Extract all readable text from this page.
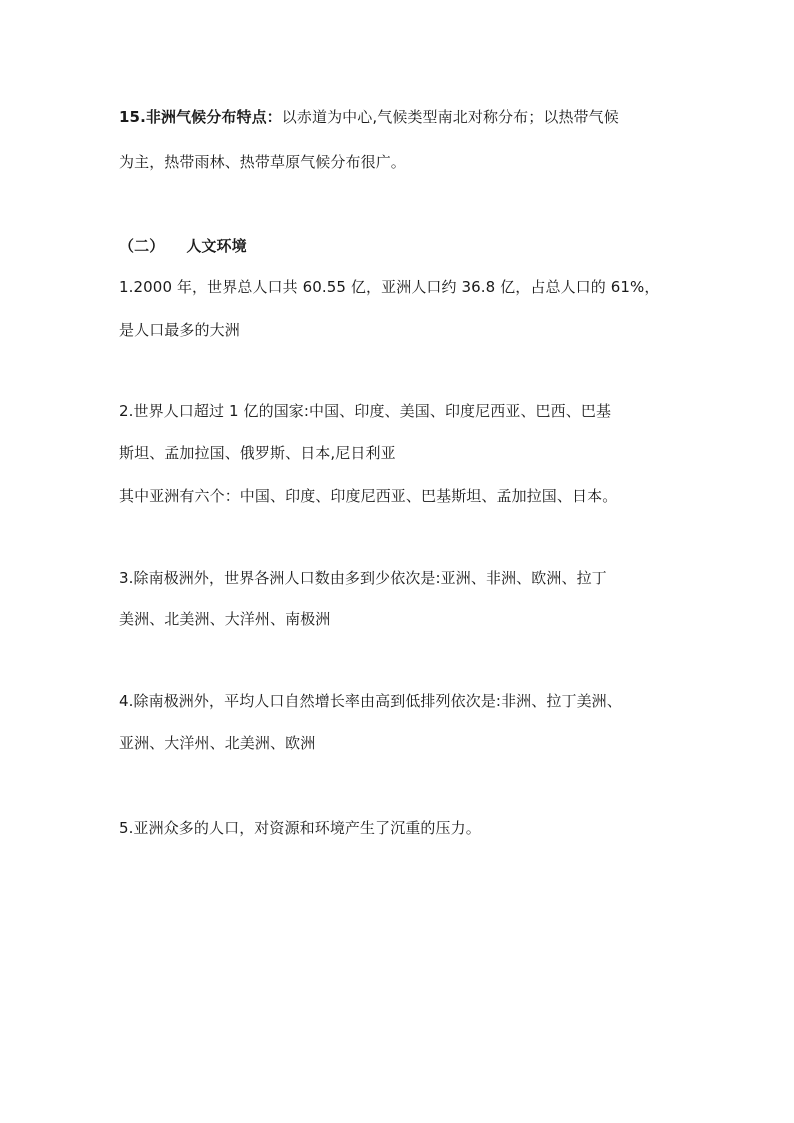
15.非洲气候分布特点：以赤道为中心,气候类型南北对称分布；以热带气候
为主，热带雨林、热带草原气候分布很广。
（二） 人文环境
1.2000 年，世界总人口共 60.55 亿，亚洲人口约 36.8 亿，占总人口的 61%，
是人口最多的大洲
2.世界人口超过 1 亿的国家:中国、印度、美国、印度尼西亚、巴西、巴基
斯坦、孟加拉国、俄罗斯、日本,尼日利亚
其中亚洲有六个：中国、印度、印度尼西亚、巴基斯坦、孟加拉国、日本。
3.除南极洲外，世界各洲人口数由多到少依次是:亚洲、非洲、欧洲、拉丁
美洲、北美洲、大洋州、南极洲
4.除南极洲外，平均人口自然增长率由高到低排列依次是:非洲、拉丁美洲、
亚洲、大洋州、北美洲、欧洲
5.亚洲众多的人口，对资源和环境产生了沉重的压力。
